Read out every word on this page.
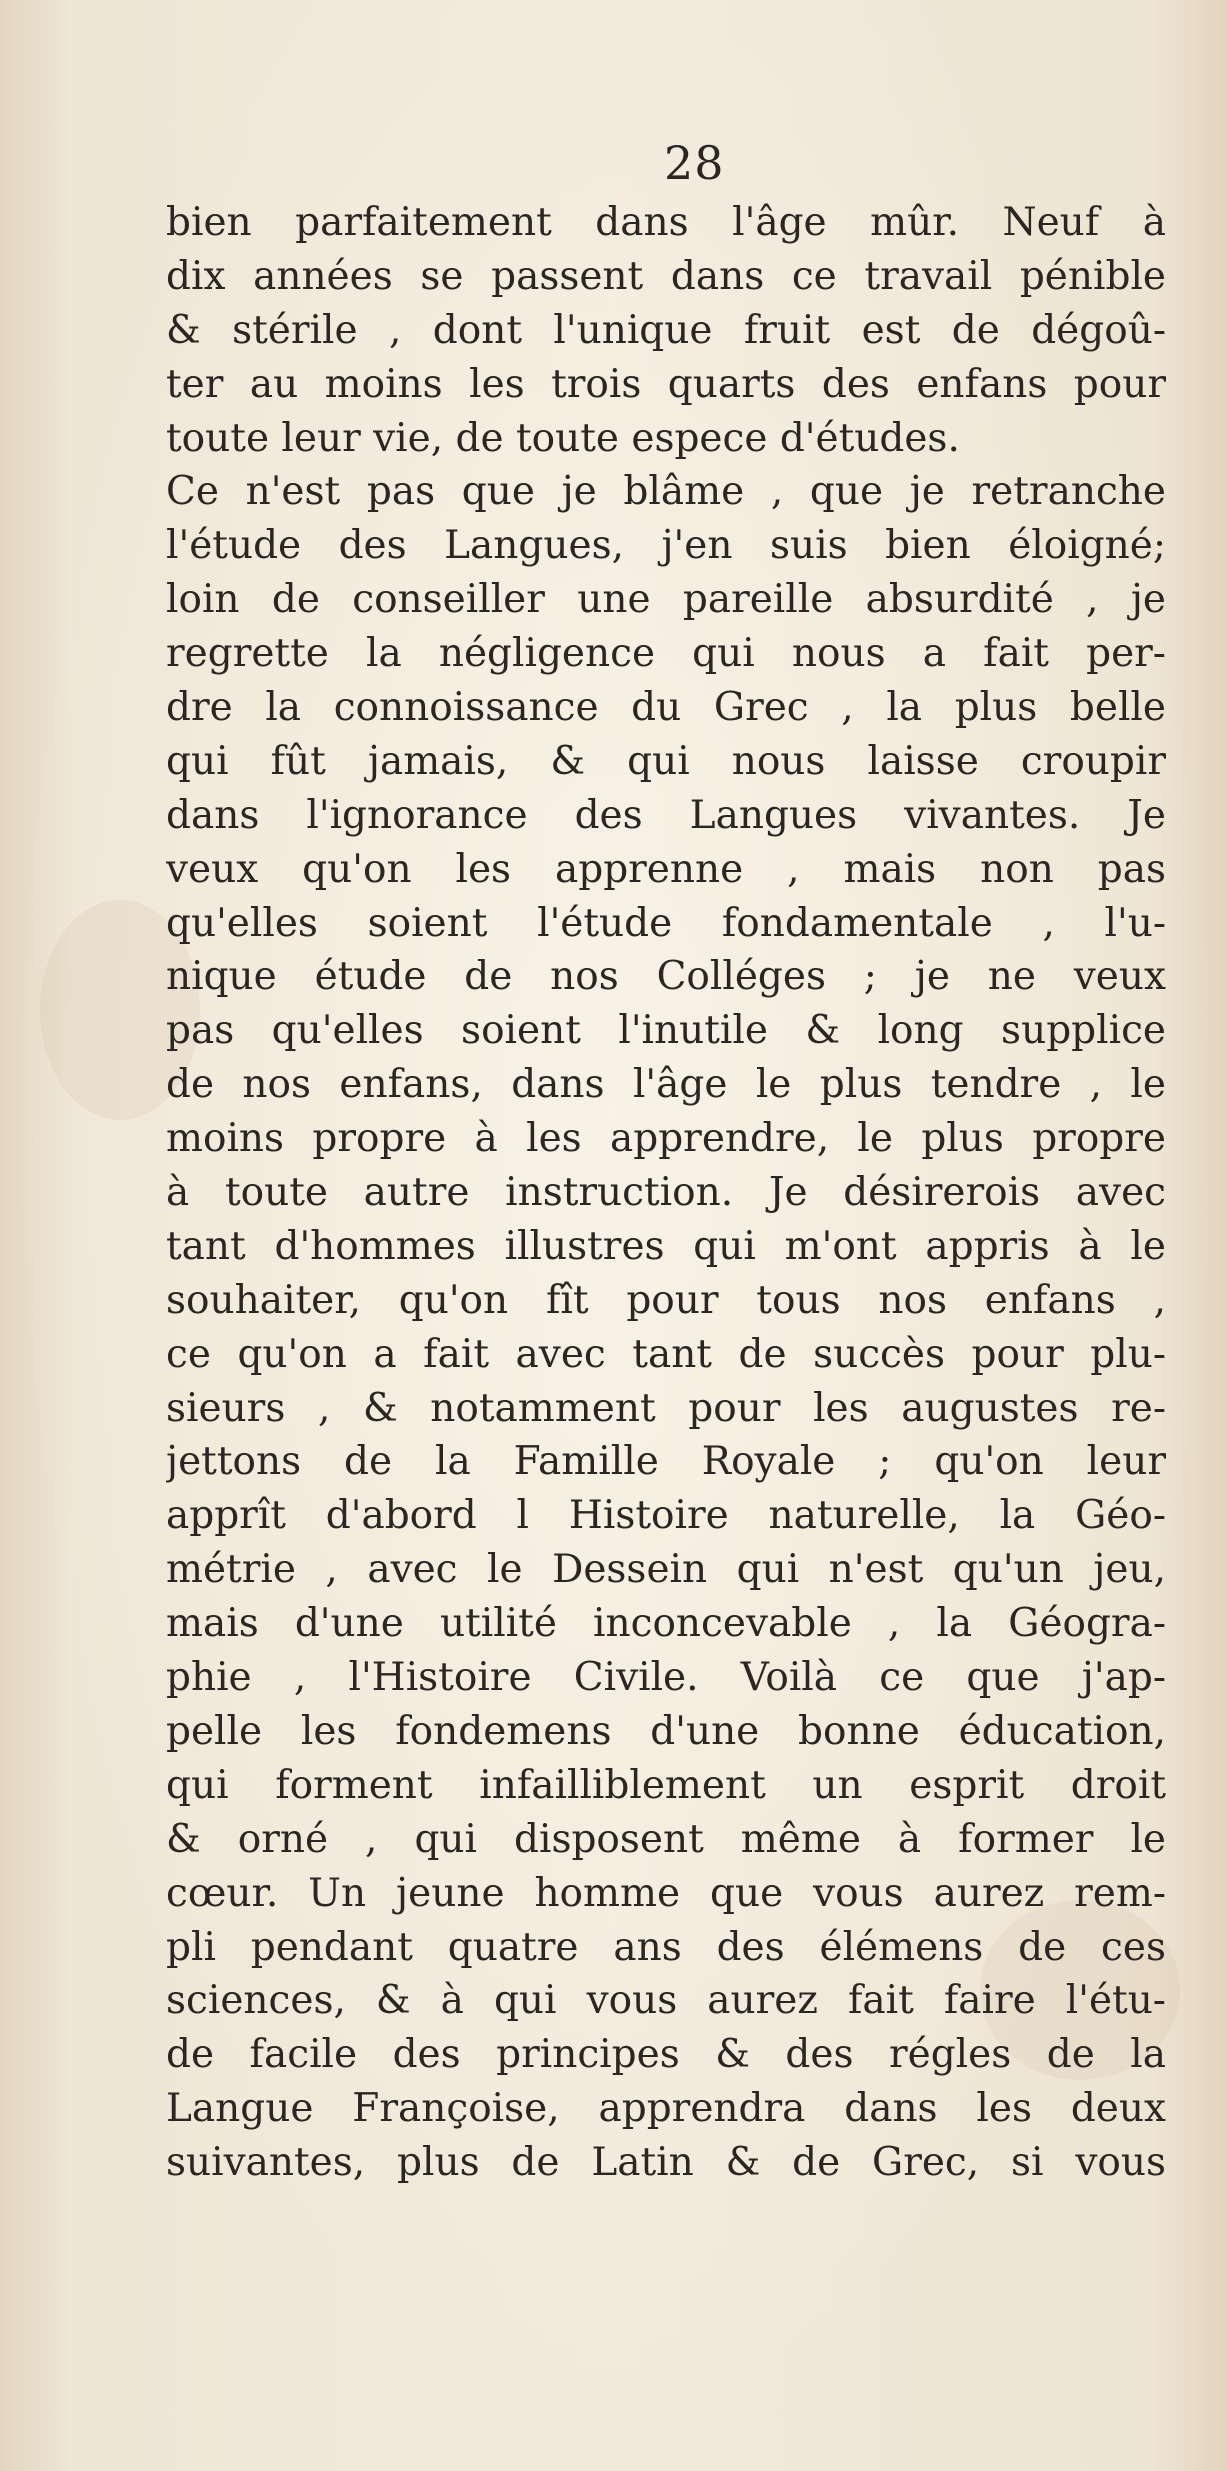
28
bien parfaitement dans l'âge mûr. Neuf à
dix années se passent dans ce travail pénible
& stérile , dont l'unique fruit est de dégoû-
ter au moins les trois quarts des enfans pour
toute leur vie, de toute espece d'études.
Ce n'est pas que je blâme , que je retranche
l'étude des Langues, j'en suis bien éloigné;
loin de conseiller une pareille absurdité , je
regrette la négligence qui nous a fait per-
dre la connoissance du Grec , la plus belle
qui fût jamais, & qui nous laisse croupir
dans l'ignorance des Langues vivantes. Je
veux qu'on les apprenne , mais non pas
qu'elles soient l'étude fondamentale , l'u-
nique étude de nos Colléges ; je ne veux
pas qu'elles soient l'inutile & long supplice
de nos enfans, dans l'âge le plus tendre , le
moins propre à les apprendre, le plus propre
à toute autre instruction. Je désirerois avec
tant d'hommes illustres qui m'ont appris à le
souhaiter, qu'on fît pour tous nos enfans ,
ce qu'on a fait avec tant de succès pour plu-
sieurs , & notamment pour les augustes re-
jettons de la Famille Royale ; qu'on leur
apprît d'abord l Histoire naturelle, la Géo-
métrie , avec le Dessein qui n'est qu'un jeu,
mais d'une utilité inconcevable , la Géogra-
phie , l'Histoire Civile. Voilà ce que j'ap-
pelle les fondemens d'une bonne éducation,
qui forment infailliblement un esprit droit
& orné , qui disposent même à former le
cœur. Un jeune homme que vous aurez rem-
pli pendant quatre ans des élémens de ces
sciences, & à qui vous aurez fait faire l'étu-
de facile des principes & des régles de la
Langue Françoise, apprendra dans les deux
suivantes, plus de Latin & de Grec, si vous
